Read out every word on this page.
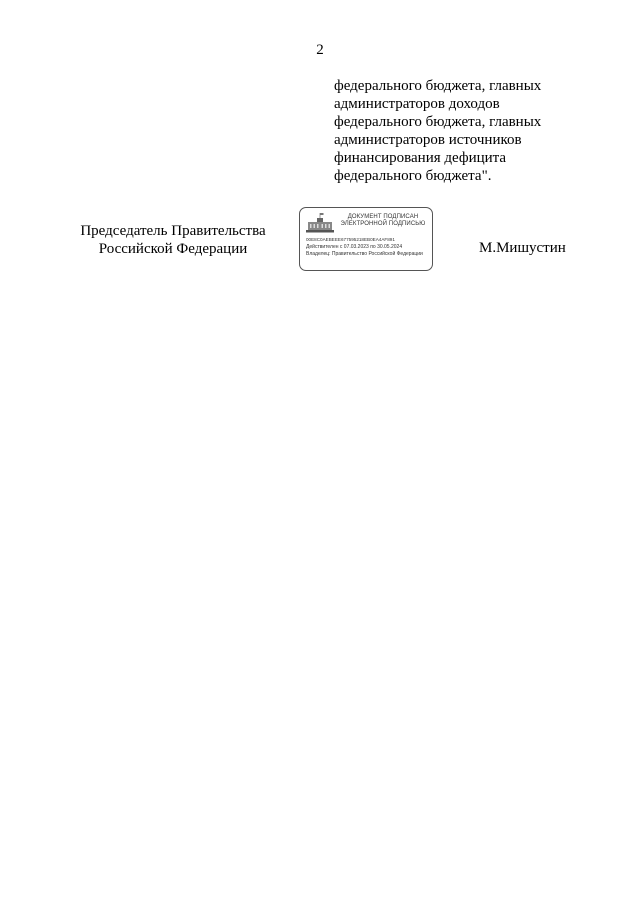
2
федерального бюджета, главных
администраторов доходов
федерального бюджета, главных
администраторов источников
финансирования дефицита
федерального бюджета".
Председатель Правительства
Российской Федерации
ДОКУМЕНТ ПОДПИСАН
ЭЛЕКТРОННОЙ ПОДПИСЬЮ
00E8C0AEBEEE677595218EB0EA4AF891
Действителен с 07.03.2023 по 30.05.2024
Владелец: Правительство Российской Федерации	М.Мишустин
